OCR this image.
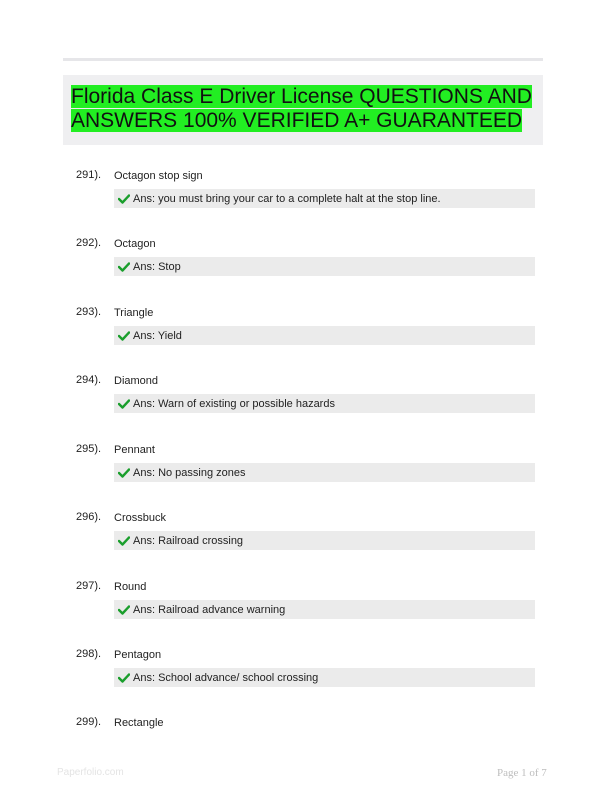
Florida Class E Driver License QUESTIONS AND
ANSWERS 100% VERIFIED A+ GUARANTEED
291). Octagon stop sign
Ans: you must bring your car to a complete halt at the stop line.
292). Octagon
Ans: Stop
293). Triangle
Ans: Yield
294). Diamond
Ans: Warn of existing or possible hazards
295). Pennant
Ans: No passing zones
296). Crossbuck
Ans: Railroad crossing
297). Round
Ans: Railroad advance warning
298). Pentagon
Ans: School advance/ school crossing
299). Rectangle
Paperfolio.com	Page 1 of 7
